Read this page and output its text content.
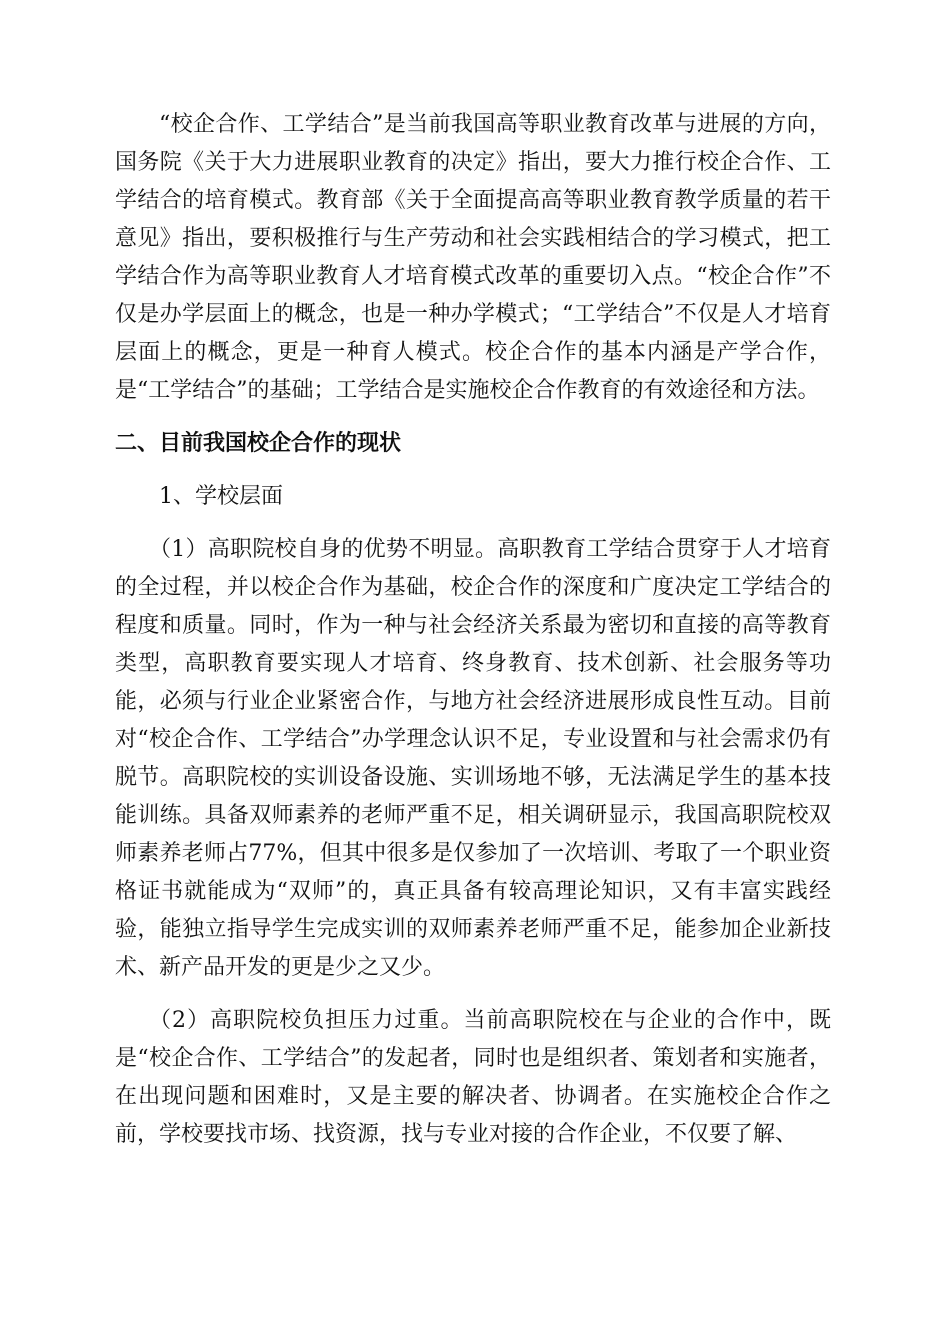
“校企合作、工学结合”是当前我国高等职业教育改革与进展的方向，国务院《关于大力进展职业教育的决定》指出，要大力推行校企合作、工学结合的培育模式。教育部《关于全面提高高等职业教育教学质量的若干意见》指出，要积极推行与生产劳动和社会实践相结合的学习模式，把工学结合作为高等职业教育人才培育模式改革的重要切入点。“校企合作”不仅是办学层面上的概念，也是一种办学模式；“工学结合”不仅是人才培育层面上的概念，更是一种育人模式。校企合作的基本内涵是产学合作，是“工学结合”的基础；工学结合是实施校企合作教育的有效途径和方法。

二、目前我国校企合作的现状

1、学校层面

（1）高职院校自身的优势不明显。高职教育工学结合贯穿于人才培育的全过程，并以校企合作为基础，校企合作的深度和广度决定工学结合的程度和质量。同时，作为一种与社会经济关系最为密切和直接的高等教育类型，高职教育要实现人才培育、终身教育、技术创新、社会服务等功能，必须与行业企业紧密合作，与地方社会经济进展形成良性互动。目前对“校企合作、工学结合”办学理念认识不足，专业设置和与社会需求仍有脱节。高职院校的实训设备设施、实训场地不够，无法满足学生的基本技能训练。具备双师素养的老师严重不足，相关调研显示，我国高职院校双师素养老师占77%，但其中很多是仅参加了一次培训、考取了一个职业资格证书就能成为“双师”的，真正具备有较高理论知识，又有丰富实践经验，能独立指导学生完成实训的双师素养老师严重不足，能参加企业新技术、新产品开发的更是少之又少。

（2）高职院校负担压力过重。当前高职院校在与企业的合作中，既是“校企合作、工学结合”的发起者，同时也是组织者、策划者和实施者，在出现问题和困难时，又是主要的解决者、协调者。在实施校企合作之前，学校要找市场、找资源，找与专业对接的合作企业，不仅要了解、
